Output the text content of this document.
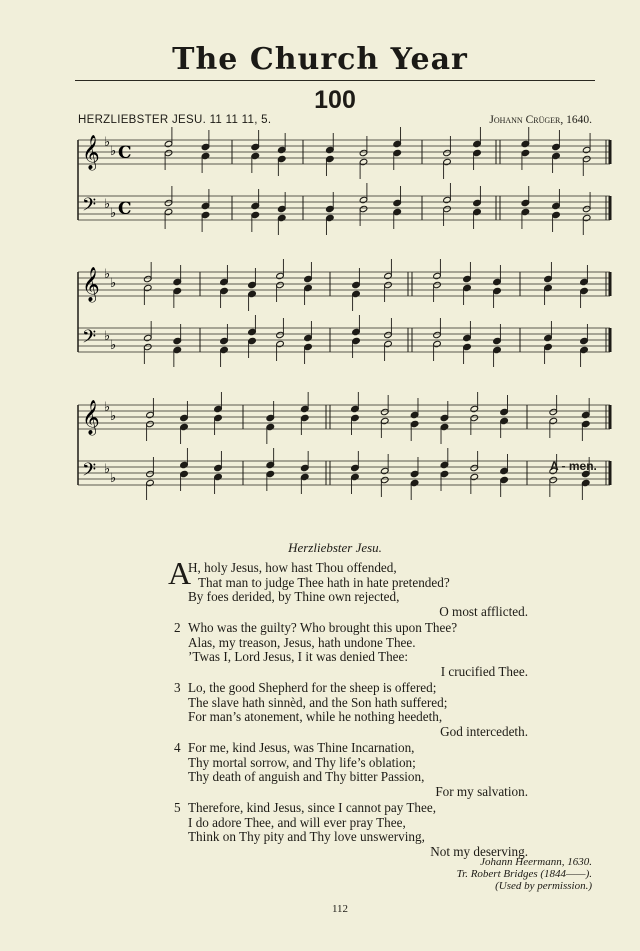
The Church Year
100
HERZLIEBSTER JESU. 11 11 11, 5.	Johann Crüger, 1640.
𝄞 ♭
♭ C
𝄢 ♭
♭ C
𝄞 ♭
♭
𝄢 ♭
♭
𝄞 ♭
♭
𝄢 ♭
♭
A - men.
Herzliebster Jesu.
A
H, holy Jesus, how hast Thou offended,
That man to judge Thee hath in hate pretended?
By foes derided, by Thine own rejected,
O most afflicted.
2 Who was the guilty? Who brought this upon Thee?
Alas, my treason, Jesus, hath undone Thee.
’Twas I, Lord Jesus, I it was denied Thee:
I crucified Thee.
3 Lo, the good Shepherd for the sheep is offered;
The slave hath sinnèd, and the Son hath suffered;
For man’s atonement, while he nothing heedeth,
God intercedeth.
4 For me, kind Jesus, was Thine Incarnation,
Thy mortal sorrow, and Thy life’s oblation;
Thy death of anguish and Thy bitter Passion,
For my salvation.
5 Therefore, kind Jesus, since I cannot pay Thee,
I do adore Thee, and will ever pray Thee,
Think on Thy pity and Thy love unswerving,
Not my deserving.
Johann Heermann, 1630.
Tr. Robert Bridges (1844——).
(Used by permission.)
112
